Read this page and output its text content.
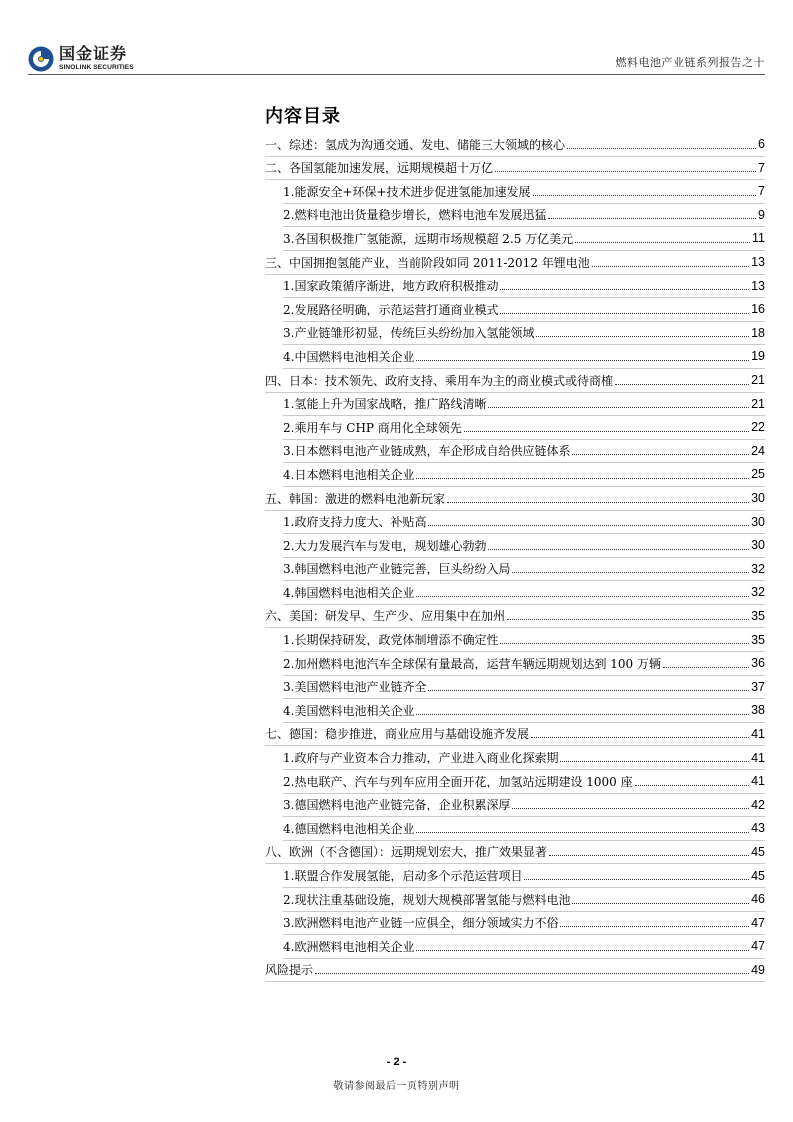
国金证券
SINOLINK SECURITIES	燃料电池产业链系列报告之十
内容目录
一、综述：氢成为沟通交通、发电、储能三大领域的核心	6
二、各国氢能加速发展，远期规模超十万亿	7
1.能源安全+环保+技术进步促进氢能加速发展	7
2.燃料电池出货量稳步增长，燃料电池车发展迅猛	9
3.各国积极推广氢能源，远期市场规模超 2.5 万亿美元	11
三、中国拥抱氢能产业，当前阶段如同 2011-2012 年锂电池	13
1.国家政策循序渐进，地方政府积极推动	13
2.发展路径明确，示范运营打通商业模式	16
3.产业链雏形初显，传统巨头纷纷加入氢能领域	18
4.中国燃料电池相关企业	19
四、日本：技术领先、政府支持、乘用车为主的商业模式或待商榷	21
1.氢能上升为国家战略，推广路线清晰	21
2.乘用车与 CHP 商用化全球领先	22
3.日本燃料电池产业链成熟，车企形成自给供应链体系	24
4.日本燃料电池相关企业	25
五、韩国：激进的燃料电池新玩家	30
1.政府支持力度大、补贴高	30
2.大力发展汽车与发电，规划雄心勃勃	30
3.韩国燃料电池产业链完善，巨头纷纷入局	32
4.韩国燃料电池相关企业	32
六、美国：研发早、生产少、应用集中在加州	35
1.长期保持研发，政党体制增添不确定性	35
2.加州燃料电池汽车全球保有量最高，运营车辆远期规划达到 100 万辆	36
3.美国燃料电池产业链齐全	37
4.美国燃料电池相关企业	38
七、德国：稳步推进，商业应用与基础设施齐发展	41
1.政府与产业资本合力推动，产业进入商业化探索期	41
2.热电联产、汽车与列车应用全面开花，加氢站远期建设 1000 座	41
3.德国燃料电池产业链完备，企业积累深厚	42
4.德国燃料电池相关企业	43
八、欧洲（不含德国）：远期规划宏大，推广效果显著	45
1.联盟合作发展氢能，启动多个示范运营项目	45
2.现状注重基础设施，规划大规模部署氢能与燃料电池	46
3.欧洲燃料电池产业链一应俱全，细分领域实力不俗	47
4.欧洲燃料电池相关企业	47
风险提示	49
- 2 -
敬请参阅最后一页特别声明
